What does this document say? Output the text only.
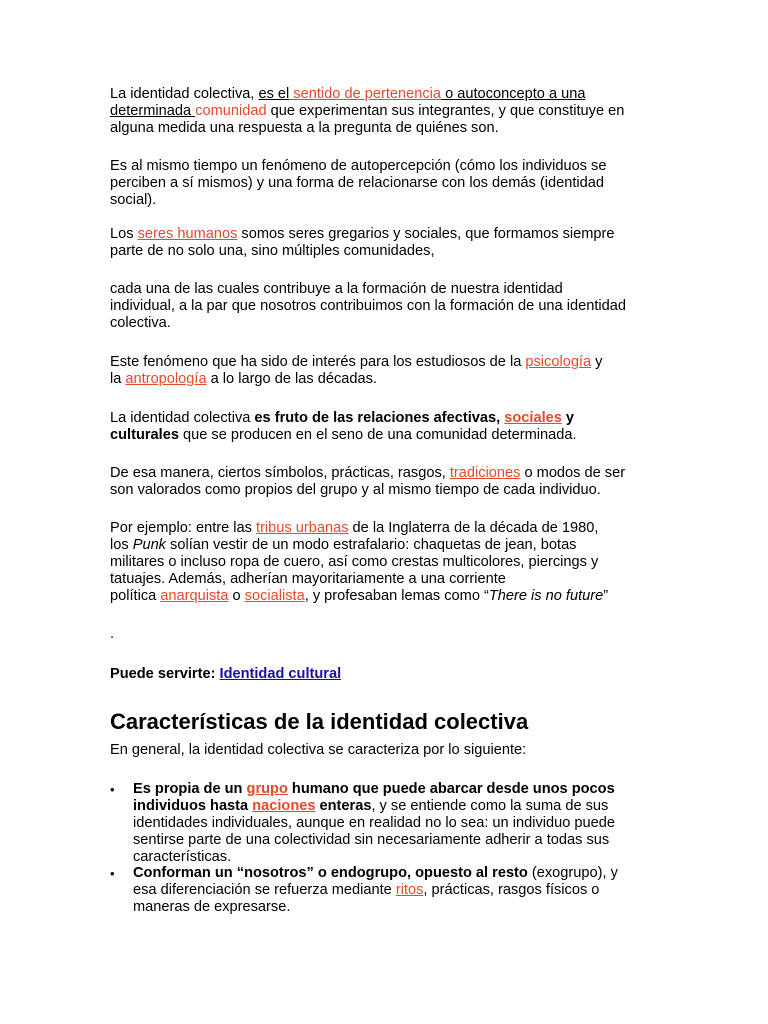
La identidad colectiva, es el sentido de pertenencia o autoconcepto a una
determinada comunidad que experimentan sus integrantes, y que constituye en
alguna medida una respuesta a la pregunta de quiénes son.

Es al mismo tiempo un fenómeno de autopercepción (cómo los individuos se
perciben a sí mismos) y una forma de relacionarse con los demás (identidad
social).

Los seres humanos somos seres gregarios y sociales, que formamos siempre
parte de no solo una, sino múltiples comunidades,

cada una de las cuales contribuye a la formación de nuestra identidad
individual, a la par que nosotros contribuimos con la formación de una identidad
colectiva.

Este fenómeno que ha sido de interés para los estudiosos de la psicología y
la antropología a lo largo de las décadas.

La identidad colectiva es fruto de las relaciones afectivas, sociales y
culturales que se producen en el seno de una comunidad determinada.

De esa manera, ciertos símbolos, prácticas, rasgos, tradiciones o modos de ser
son valorados como propios del grupo y al mismo tiempo de cada individuo.

Por ejemplo: entre las tribus urbanas de la Inglaterra de la década de 1980,
los Punk solían vestir de un modo estrafalario: chaquetas de jean, botas
militares o incluso ropa de cuero, así como crestas multicolores, piercings y
tatuajes. Además, adherían mayoritariamente a una corriente
política anarquista o socialista, y profesaban lemas como “There is no future”

.

Puede servirte: Identidad cultural

Características de la identidad colectiva

En general, la identidad colectiva se caracteriza por lo siguiente:

• Es propia de un grupo humano que puede abarcar desde unos pocos
individuos hasta naciones enteras, y se entiende como la suma de sus
identidades individuales, aunque en realidad no lo sea: un individuo puede
sentirse parte de una colectividad sin necesariamente adherir a todas sus
características.
• Conforman un “nosotros” o endogrupo, opuesto al resto (exogrupo), y
esa diferenciación se refuerza mediante ritos, prácticas, rasgos físicos o
maneras de expresarse.
